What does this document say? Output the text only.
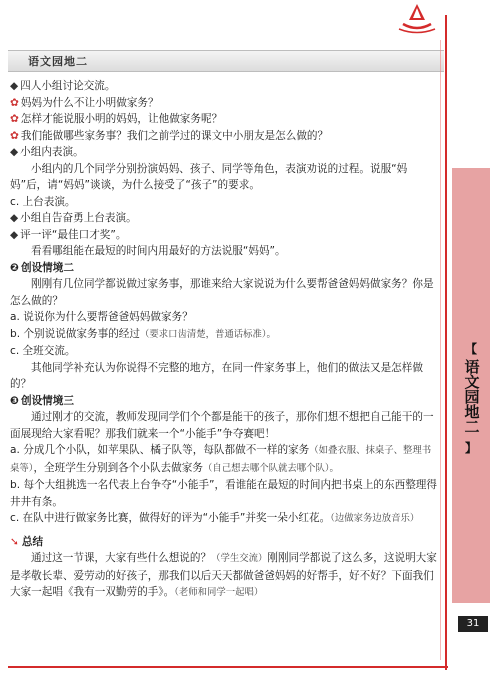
语文园地二
【
语文园地二
】
31
◆ 四人小组讨论交流。
✿ 妈妈为什么不让小明做家务？
✿ 怎样才能说服小明的妈妈，让他做家务呢？
✿ 我们能做哪些家务事？我们之前学过的课文中小朋友是怎么做的？
◆ 小组内表演。
小组内的几个同学分别扮演妈妈、孩子、同学等角色，表演劝说的过程。说服“妈妈”后，请“妈妈”谈谈，为什么接受了“孩子”的要求。
c. 上台表演。
◆ 小组自告奋勇上台表演。
◆ 评一评“最佳口才奖”。
看看哪组能在最短的时间内用最好的方法说服“妈妈”。
❷ 创设情境二
刚刚有几位同学都说做过家务事，那谁来给大家说说为什么要帮爸爸妈妈做家务？你是怎么做的？
a. 说说你为什么要帮爸爸妈妈做家务？
b. 个别说说做家务事的经过（要求口齿清楚，普通话标准）。
c. 全班交流。
其他同学补充认为你说得不完整的地方，在同一件家务事上，他们的做法又是怎样做的？
❸ 创设情境三
通过刚才的交流，教师发现同学们个个都是能干的孩子，那你们想不想把自己能干的一面展现给大家看呢？那我们就来一个“小能手”争夺赛吧！
a. 分成几个小队，如苹果队、橘子队等，每队都做不一样的家务（如叠衣服、抹桌子、整理书桌等），全班学生分别到各个小队去做家务（自己想去哪个队就去哪个队）。
b. 每个大组挑选一名代表上台争夺“小能手”，看谁能在最短的时间内把书桌上的东西整理得井井有条。
c. 在队中进行做家务比赛，做得好的评为“小能手”并奖一朵小红花。（边做家务边放音乐）
➘ 总结
通过这一节课，大家有些什么想说的？（学生交流）刚刚同学都说了这么多，这说明大家是孝敬长辈、爱劳动的好孩子，那我们以后天天都做爸爸妈妈的好帮手，好不好？下面我们大家一起唱《我有一双勤劳的手》。（老师和同学一起唱）
